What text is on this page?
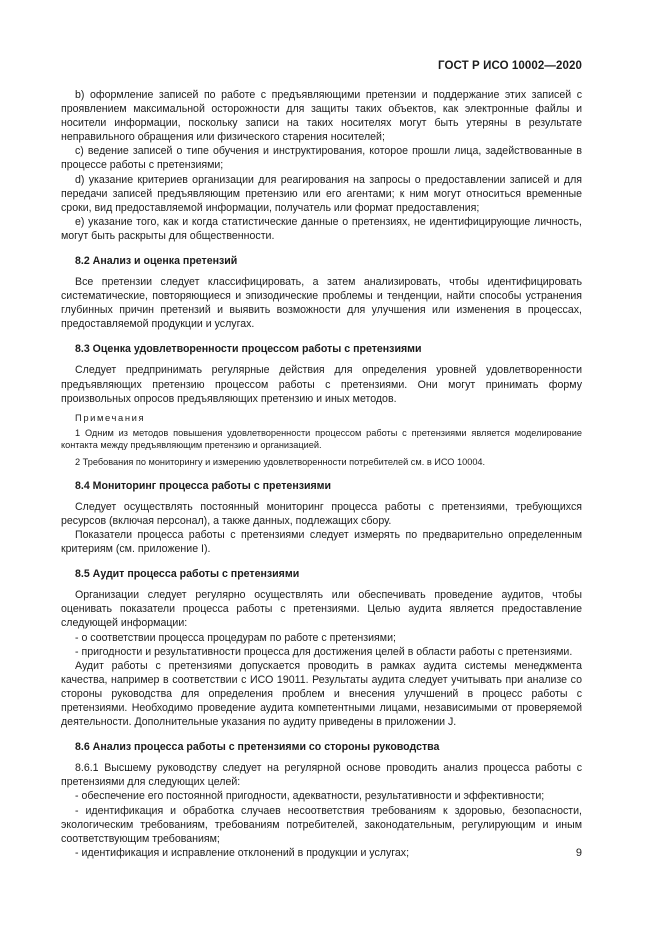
ГОСТ Р ИСО 10002—2020

b) оформление записей по работе с предъявляющими претензии и поддержание этих записей с проявлением максимальной осторожности для защиты таких объектов, как электронные файлы и носители информации, поскольку записи на таких носителях могут быть утеряны в результате неправильного обращения или физического старения носителей;

c) ведение записей о типе обучения и инструктирования, которое прошли лица, задействованные в процессе работы с претензиями;

d) указание критериев организации для реагирования на запросы о предоставлении записей и для передачи записей предъявляющим претензию или его агентами; к ним могут относиться временные сроки, вид предоставляемой информации, получатель или формат предоставления;

e) указание того, как и когда статистические данные о претензиях, не идентифицирующие личность, могут быть раскрыты для общественности.

8.2 Анализ и оценка претензий

Все претензии следует классифицировать, а затем анализировать, чтобы идентифицировать систематические, повторяющиеся и эпизодические проблемы и тенденции, найти способы устранения глубинных причин претензий и выявить возможности для улучшения или изменения в процессах, предоставляемой продукции и услугах.

8.3 Оценка удовлетворенности процессом работы с претензиями

Следует предпринимать регулярные действия для определения уровней удовлетворенности предъявляющих претензию процессом работы с претензиями. Они могут принимать форму произвольных опросов предъявляющих претензию и иных методов.

Примечания

1 Одним из методов повышения удовлетворенности процессом работы с претензиями является моделирование контакта между предъявляющим претензию и организацией.

2 Требования по мониторингу и измерению удовлетворенности потребителей см. в ИСО 10004.

8.4 Мониторинг процесса работы с претензиями

Следует осуществлять постоянный мониторинг процесса работы с претензиями, требующихся ресурсов (включая персонал), а также данных, подлежащих сбору.

Показатели процесса работы с претензиями следует измерять по предварительно определенным критериям (см. приложение I).

8.5 Аудит процесса работы с претензиями

Организации следует регулярно осуществлять или обеспечивать проведение аудитов, чтобы оценивать показатели процесса работы с претензиями. Целью аудита является предоставление следующей информации:

- о соответствии процесса процедурам по работе с претензиями;

- пригодности и результативности процесса для достижения целей в области работы с претензиями.

Аудит работы с претензиями допускается проводить в рамках аудита системы менеджмента качества, например в соответствии с ИСО 19011. Результаты аудита следует учитывать при анализе со стороны руководства для определения проблем и внесения улучшений в процесс работы с претензиями. Необходимо проведение аудита компетентными лицами, независимыми от проверяемой деятельности. Дополнительные указания по аудиту приведены в приложении J.

8.6 Анализ процесса работы с претензиями со стороны руководства

8.6.1 Высшему руководству следует на регулярной основе проводить анализ процесса работы с претензиями для следующих целей:

- обеспечение его постоянной пригодности, адекватности, результативности и эффективности;

- идентификация и обработка случаев несоответствия требованиям к здоровью, безопасности, экологическим требованиям, требованиям потребителей, законодательным, регулирующим и иным соответствующим требованиям;

- идентификация и исправление отклонений в продукции и услугах;	9
